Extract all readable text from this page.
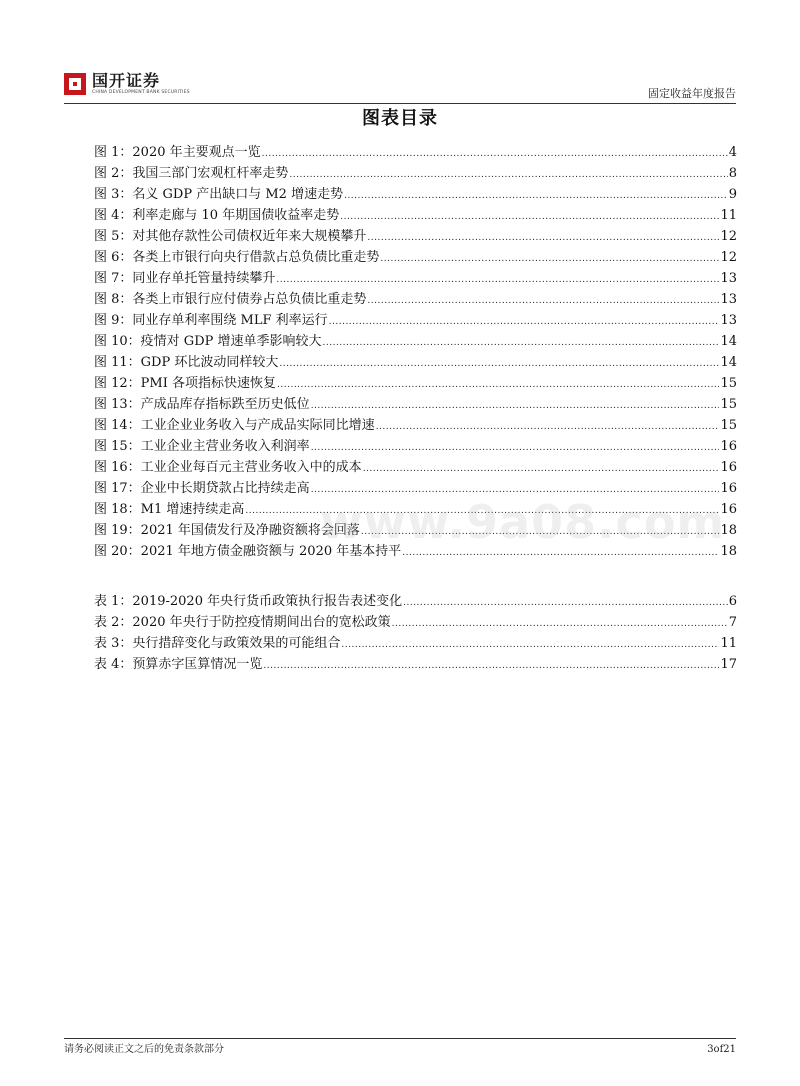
国开证券
CHINA DEVELOPMENT BANK SECURITIES	固定收益年度报告
图表目录
图 1：2020 年主要观点一览 .....	4
图 2：我国三部门宏观杠杆率走势 .....	8
图 3：名义 GDP 产出缺口与 M2 增速走势 .....	9
图 4：利率走廊与 10 年期国债收益率走势 .....	11
图 5：对其他存款性公司债权近年来大规模攀升 .....	12
图 6：各类上市银行向央行借款占总负债比重走势 .....	12
图 7：同业存单托管量持续攀升 .....	13
图 8：各类上市银行应付债券占总负债比重走势 .....	13
图 9：同业存单利率围绕 MLF 利率运行 .....	13
图 10：疫情对 GDP 增速单季影响较大 .....	14
图 11：GDP 环比波动同样较大 .....	14
图 12：PMI 各项指标快速恢复 .....	15
图 13：产成品库存指标跌至历史低位 .....	15
图 14：工业企业业务收入与产成品实际同比增速 .....	15
图 15：工业企业主营业务收入利润率 .....	16
图 16：工业企业每百元主营业务收入中的成本 .....	16
图 17：企业中长期贷款占比持续走高 .....	16
图 18：M1 增速持续走高 .....	16
图 19：2021 年国债发行及净融资额将会回落 .....	18
图 20：2021 年地方债金融资额与 2020 年基本持平 .....	18
表 1：2019-2020 年央行货币政策执行报告表述变化 .....	6
表 2：2020 年央行于防控疫情期间出台的宽松政策 .....	7
表 3：央行措辞变化与政策效果的可能组合 .....	11
表 4：预算赤字匡算情况一览 .....	17
www.9a08.com
请务必阅读正文之后的免责条款部分	3of21
